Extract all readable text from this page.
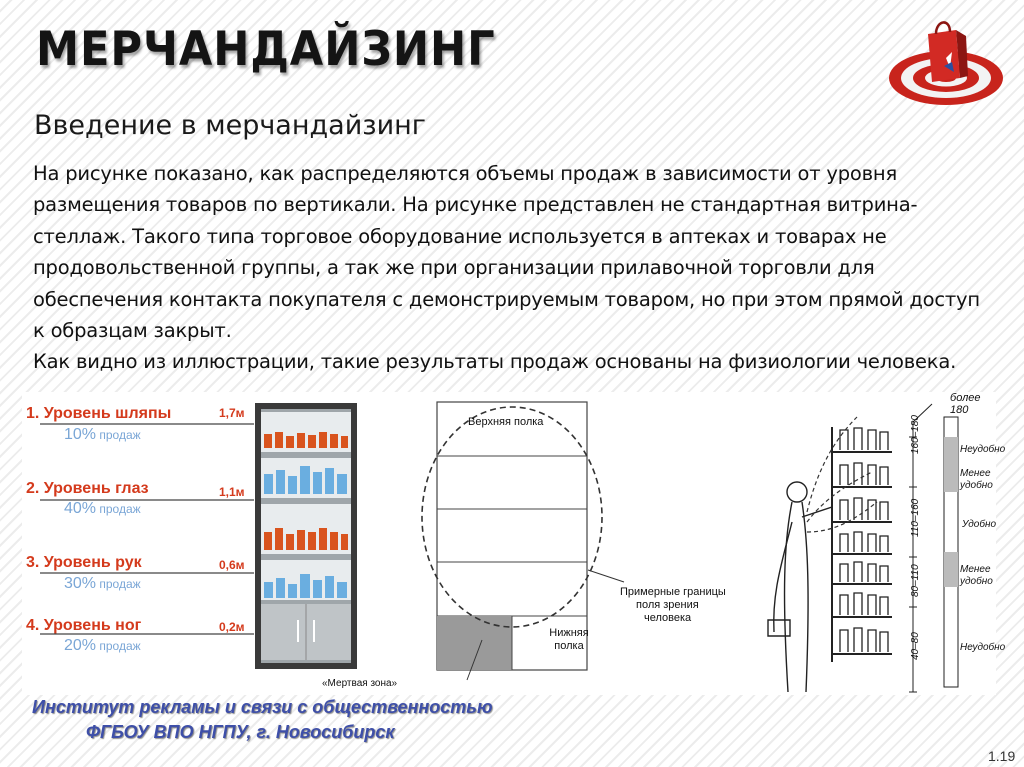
МЕРЧАНДАЙЗИНГ
Введение в мерчандайзинг

На рисунке показано, как распределяются объемы продаж в зависимости от уровня размещения товаров по вертикали. На рисунке представлен не стандартная витрина-стеллаж. Такого типа торговое оборудование используется в аптеках и товарах не продовольственной группы, а так же при организации прилавочной торговли для обеспечения контакта покупателя с демонстрируемым товаром, но при этом прямой доступ к образцам закрыт.

Как видно из иллюстрации, такие результаты продаж основаны на физиологии человека.

1. Уровень шляпы	1,7м
10% продаж
2. Уровень глаз	1,1м
40% продаж
3. Уровень рук	0,6м
30% продаж
4. Уровень ног	0,2м
20% продаж
Верхняя полка
Нижняя
полка
Примерные границы
поля зрения
человека
«Мертвая зона»
более 180
Неудобно
Менее удобно
Удобно
Менее удобно
Неудобно
160–180
110–160
80–110
40–80
Институт рекламы и связи с общественностью
ФГБОУ ВПО НГПУ, г. Новосибирск
1.19
